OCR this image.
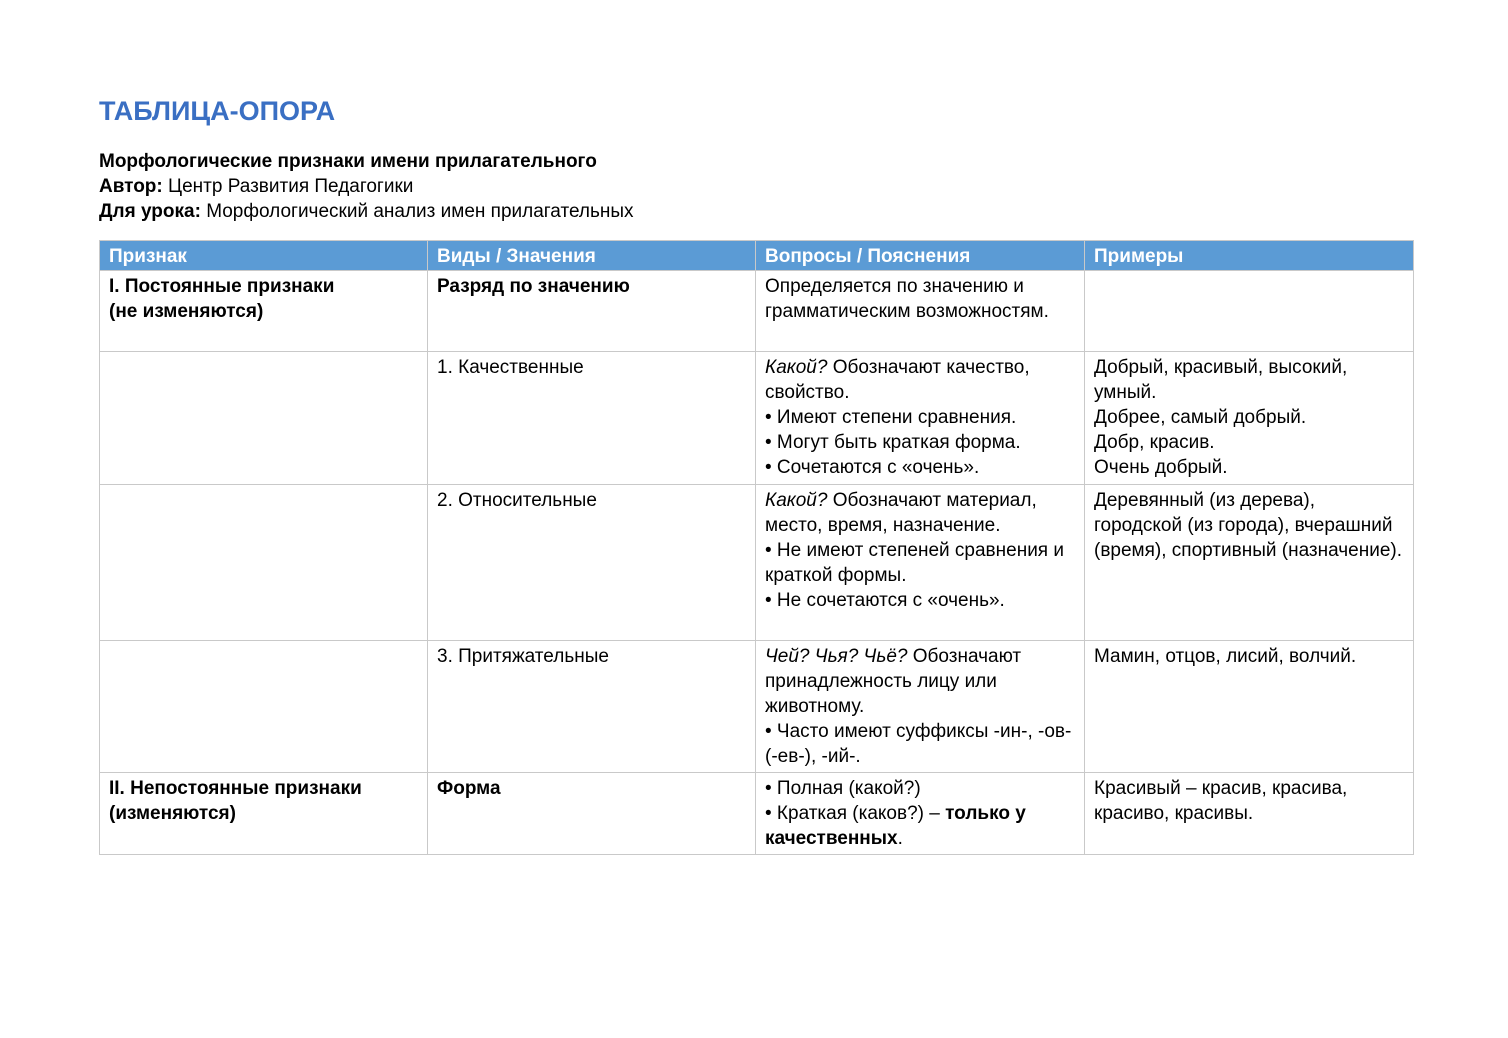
ТАБЛИЦА-ОПОРА
Морфологические признаки имени прилагательного
Автор: Центр Развития Педагогики
Для урока: Морфологический анализ имен прилагательных
Признак	Виды / Значения	Вопросы / Пояснения	Примеры

I. Постоянные признаки
(не изменяются)	Разряд по значению	Определяется по значению и грамматическим возможностям.	
	1. Качественные	Какой? Обозначают качество, свойство.
• Имеют степени сравнения.
• Могут быть краткая форма.
• Сочетаются с «очень».	Добрый, красивый, высокий, умный.
Добрее, самый добрый.
Добр, красив.
Очень добрый.

	2. Относительные	Какой? Обозначают материал, место, время, назначение.
• Не имеют степеней сравнения и краткой формы.
• Не сочетаются с «очень».	Деревянный (из дерева), городской (из города), вчерашний (время), спортивный (назначение).
	3. Притяжательные	Чей? Чья? Чьё? Обозначают принадлежность лицу или животному.
• Часто имеют суффиксы -ин-, -ов- (-ев-), -ий-.	Мамин, отцов, лисий, волчий.

II. Непостоянные признаки
(изменяются)	Форма	• Полная (какой?)
• Краткая (каков?) – только у качественных.	Красивый – красив, красива, красиво, красивы.
